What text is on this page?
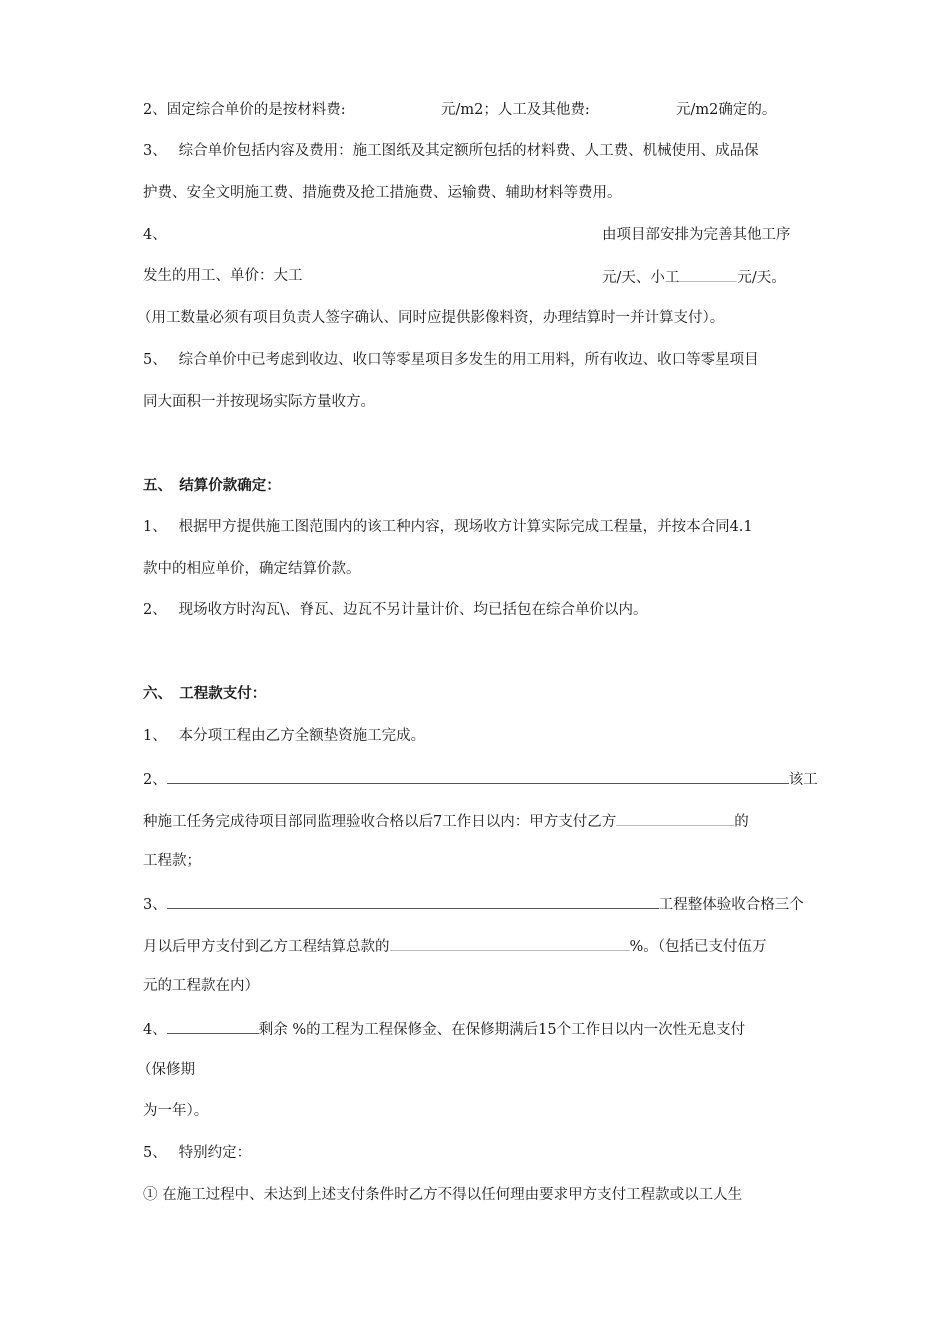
2、固定综合单价的是按材料费:	元/m2；人工及其他费:	元/m2确定的。
3、　 综合单价包括内容及费用：施工图纸及其定额所包括的材料费、人工费、机械使用、成品保
护费、安全文明施工费、措施费及抢工措施费、运输费、辅助材料等费用。
4、	由项目部安排为完善其他工序
发生的用工、单价：大工	元/天、小工	元/天。
（用工数量必须有项目负责人签字确认、同时应提供影像料资，办理结算时一并计算支付）。
5、　 综合单价中已考虑到收边、收口等零星项目多发生的用工用料，所有收边、收口等零星项目
同大面积一并按现场实际方量收方。
五、　结算价款确定：
1、　 根据甲方提供施工图范围内的该工种内容，现场收方计算实际完成工程量，并按本合同4.1
款中的相应单价，确定结算价款。
2、　 现场收方时沟瓦\、脊瓦、边瓦不另计量计价、均已括包在综合单价以内。
六、　工程款支付：
1、　 本分项工程由乙方全额垫资施工完成。
2、	该工
种施工任务完成待项目部同监理验收合格以后7工作日以内：甲方支付乙方	的
工程款；
3、	工程整体验收合格三个
月以后甲方支付到乙方工程结算总款的	%。（包括已支付伍万
元的工程款在内）
4、	剩余 %的工程为工程保修金、在保修期满后15个工作日以内一次性无息支付
（保修期
为一年）。
5、　 特别约定：
① 在施工过程中、未达到上述支付条件时乙方不得以任何理由要求甲方支付工程款或以工人生
